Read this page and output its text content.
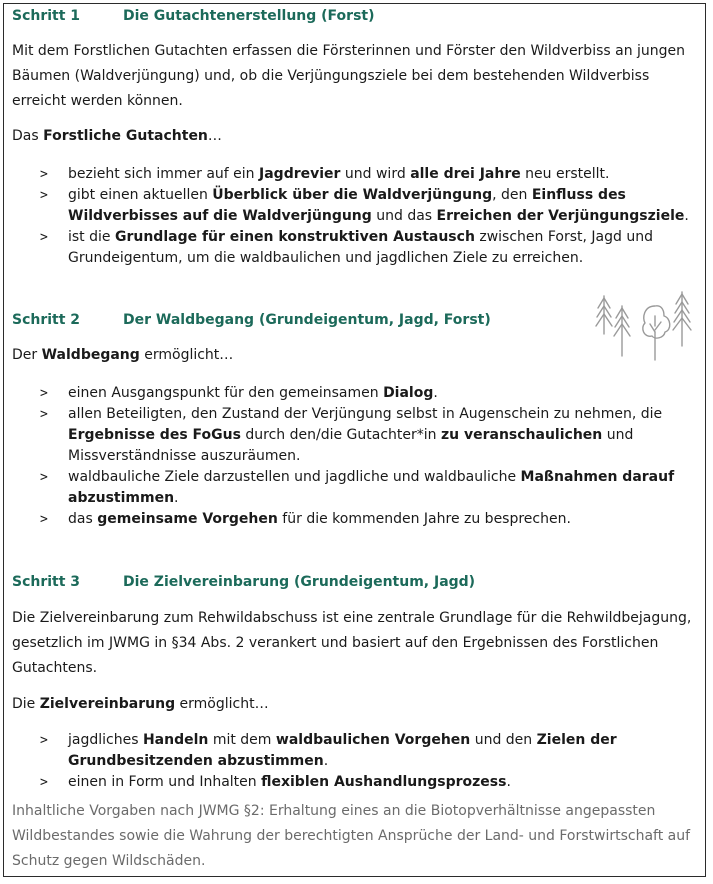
Schritt 1	Die Gutachtenerstellung (Forst)
Mit dem Forstlichen Gutachten erfassen die Försterinnen und Förster den Wildverbiss an jungen Bäumen (Waldverjüngung) und, ob die Verjüngungsziele bei dem bestehenden Wildverbiss erreicht werden können.
Das Forstliche Gutachten…
> bezieht sich immer auf ein Jagdrevier und wird alle drei Jahre neu erstellt.
> gibt einen aktuellen Überblick über die Waldverjüngung, den Einfluss des Wildverbisses auf die Waldverjüngung und das Erreichen der Verjüngungsziele.
> ist die Grundlage für einen konstruktiven Austausch zwischen Forst, Jagd und Grundeigentum, um die waldbaulichen und jagdlichen Ziele zu erreichen.
Schritt 2	Der Waldbegang (Grundeigentum, Jagd, Forst)
Der Waldbegang ermöglicht…
> einen Ausgangspunkt für den gemeinsamen Dialog.
> allen Beteiligten, den Zustand der Verjüngung selbst in Augenschein zu nehmen, die Ergebnisse des FoGus durch den/die Gutachter*in zu veranschaulichen und Missverständnisse auszuräumen.
> waldbauliche Ziele darzustellen und jagdliche und waldbauliche Maßnahmen darauf abzustimmen.
> das gemeinsame Vorgehen für die kommenden Jahre zu besprechen.
Schritt 3	Die Zielvereinbarung (Grundeigentum, Jagd)
Die Zielvereinbarung zum Rehwildabschuss ist eine zentrale Grundlage für die Rehwildbejagung, gesetzlich im JWMG in §34 Abs. 2 verankert und basiert auf den Ergebnissen des Forstlichen Gutachtens.
Die Zielvereinbarung ermöglicht…
> jagdliches Handeln mit dem waldbaulichen Vorgehen und den Zielen der Grundbesitzenden abzustimmen.
> einen in Form und Inhalten flexiblen Aushandlungsprozess.
Inhaltliche Vorgaben nach JWMG §2: Erhaltung eines an die Biotopverhältnisse angepassten Wildbestandes sowie die Wahrung der berechtigten Ansprüche der Land- und Forstwirtschaft auf Schutz gegen Wildschäden.
